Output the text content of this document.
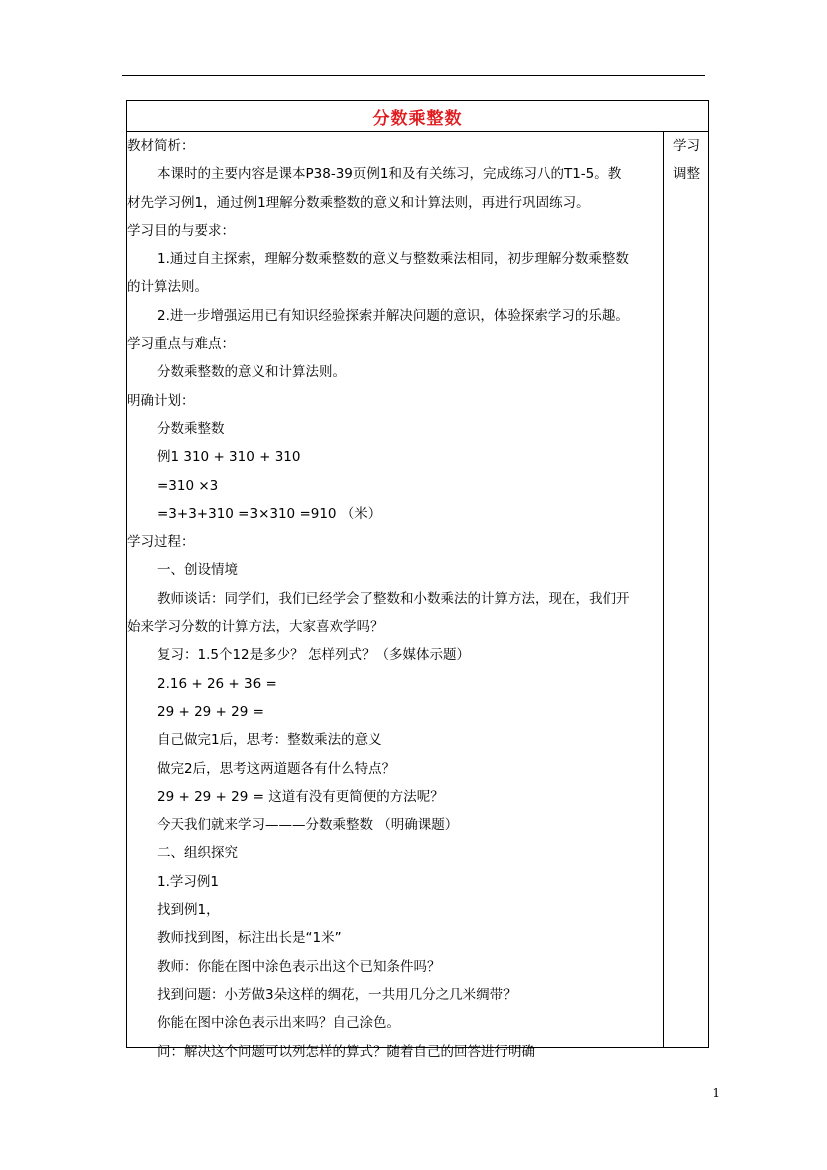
分数乘整数
教材简析：
本课时的主要内容是课本P38-39页例1和及有关练习，完成练习八的T1-5。教
材先学习例1，通过例1理解分数乘整数的意义和计算法则，再进行巩固练习。
学习目的与要求：
1.通过自主探索，理解分数乘整数的意义与整数乘法相同，初步理解分数乘整数
的计算法则。
2.进一步增强运用已有知识经验探索并解决问题的意识，体验探索学习的乐趣。
学习重点与难点：
分数乘整数的意义和计算法则。
明确计划：
分数乘整数
例1 310 + 310 + 310
=310 ×3
=3+3+310 =3×310 =910 （米）
学习过程：
一、创设情境
教师谈话：同学们，我们已经学会了整数和小数乘法的计算方法，现在，我们开
始来学习分数的计算方法，大家喜欢学吗？
复习：1.5个12是多少？ 怎样列式？（多媒体示题）
2.16 + 26 + 36 =
29 + 29 + 29 =
自己做完1后，思考：整数乘法的意义
做完2后，思考这两道题各有什么特点？
29 + 29 + 29 = 这道有没有更简便的方法呢？
今天我们就来学习———分数乘整数 （明确课题）
二、组织探究
1.学习例1
找到例1，
教师找到图，标注出长是“1米”
教师：你能在图中涂色表示出这个已知条件吗？
找到问题：小芳做3朵这样的绸花，一共用几分之几米绸带？
你能在图中涂色表示出来吗？自己涂色。
问：解决这个问题可以列怎样的算式？随着自己的回答进行明确
学习
调整
1
